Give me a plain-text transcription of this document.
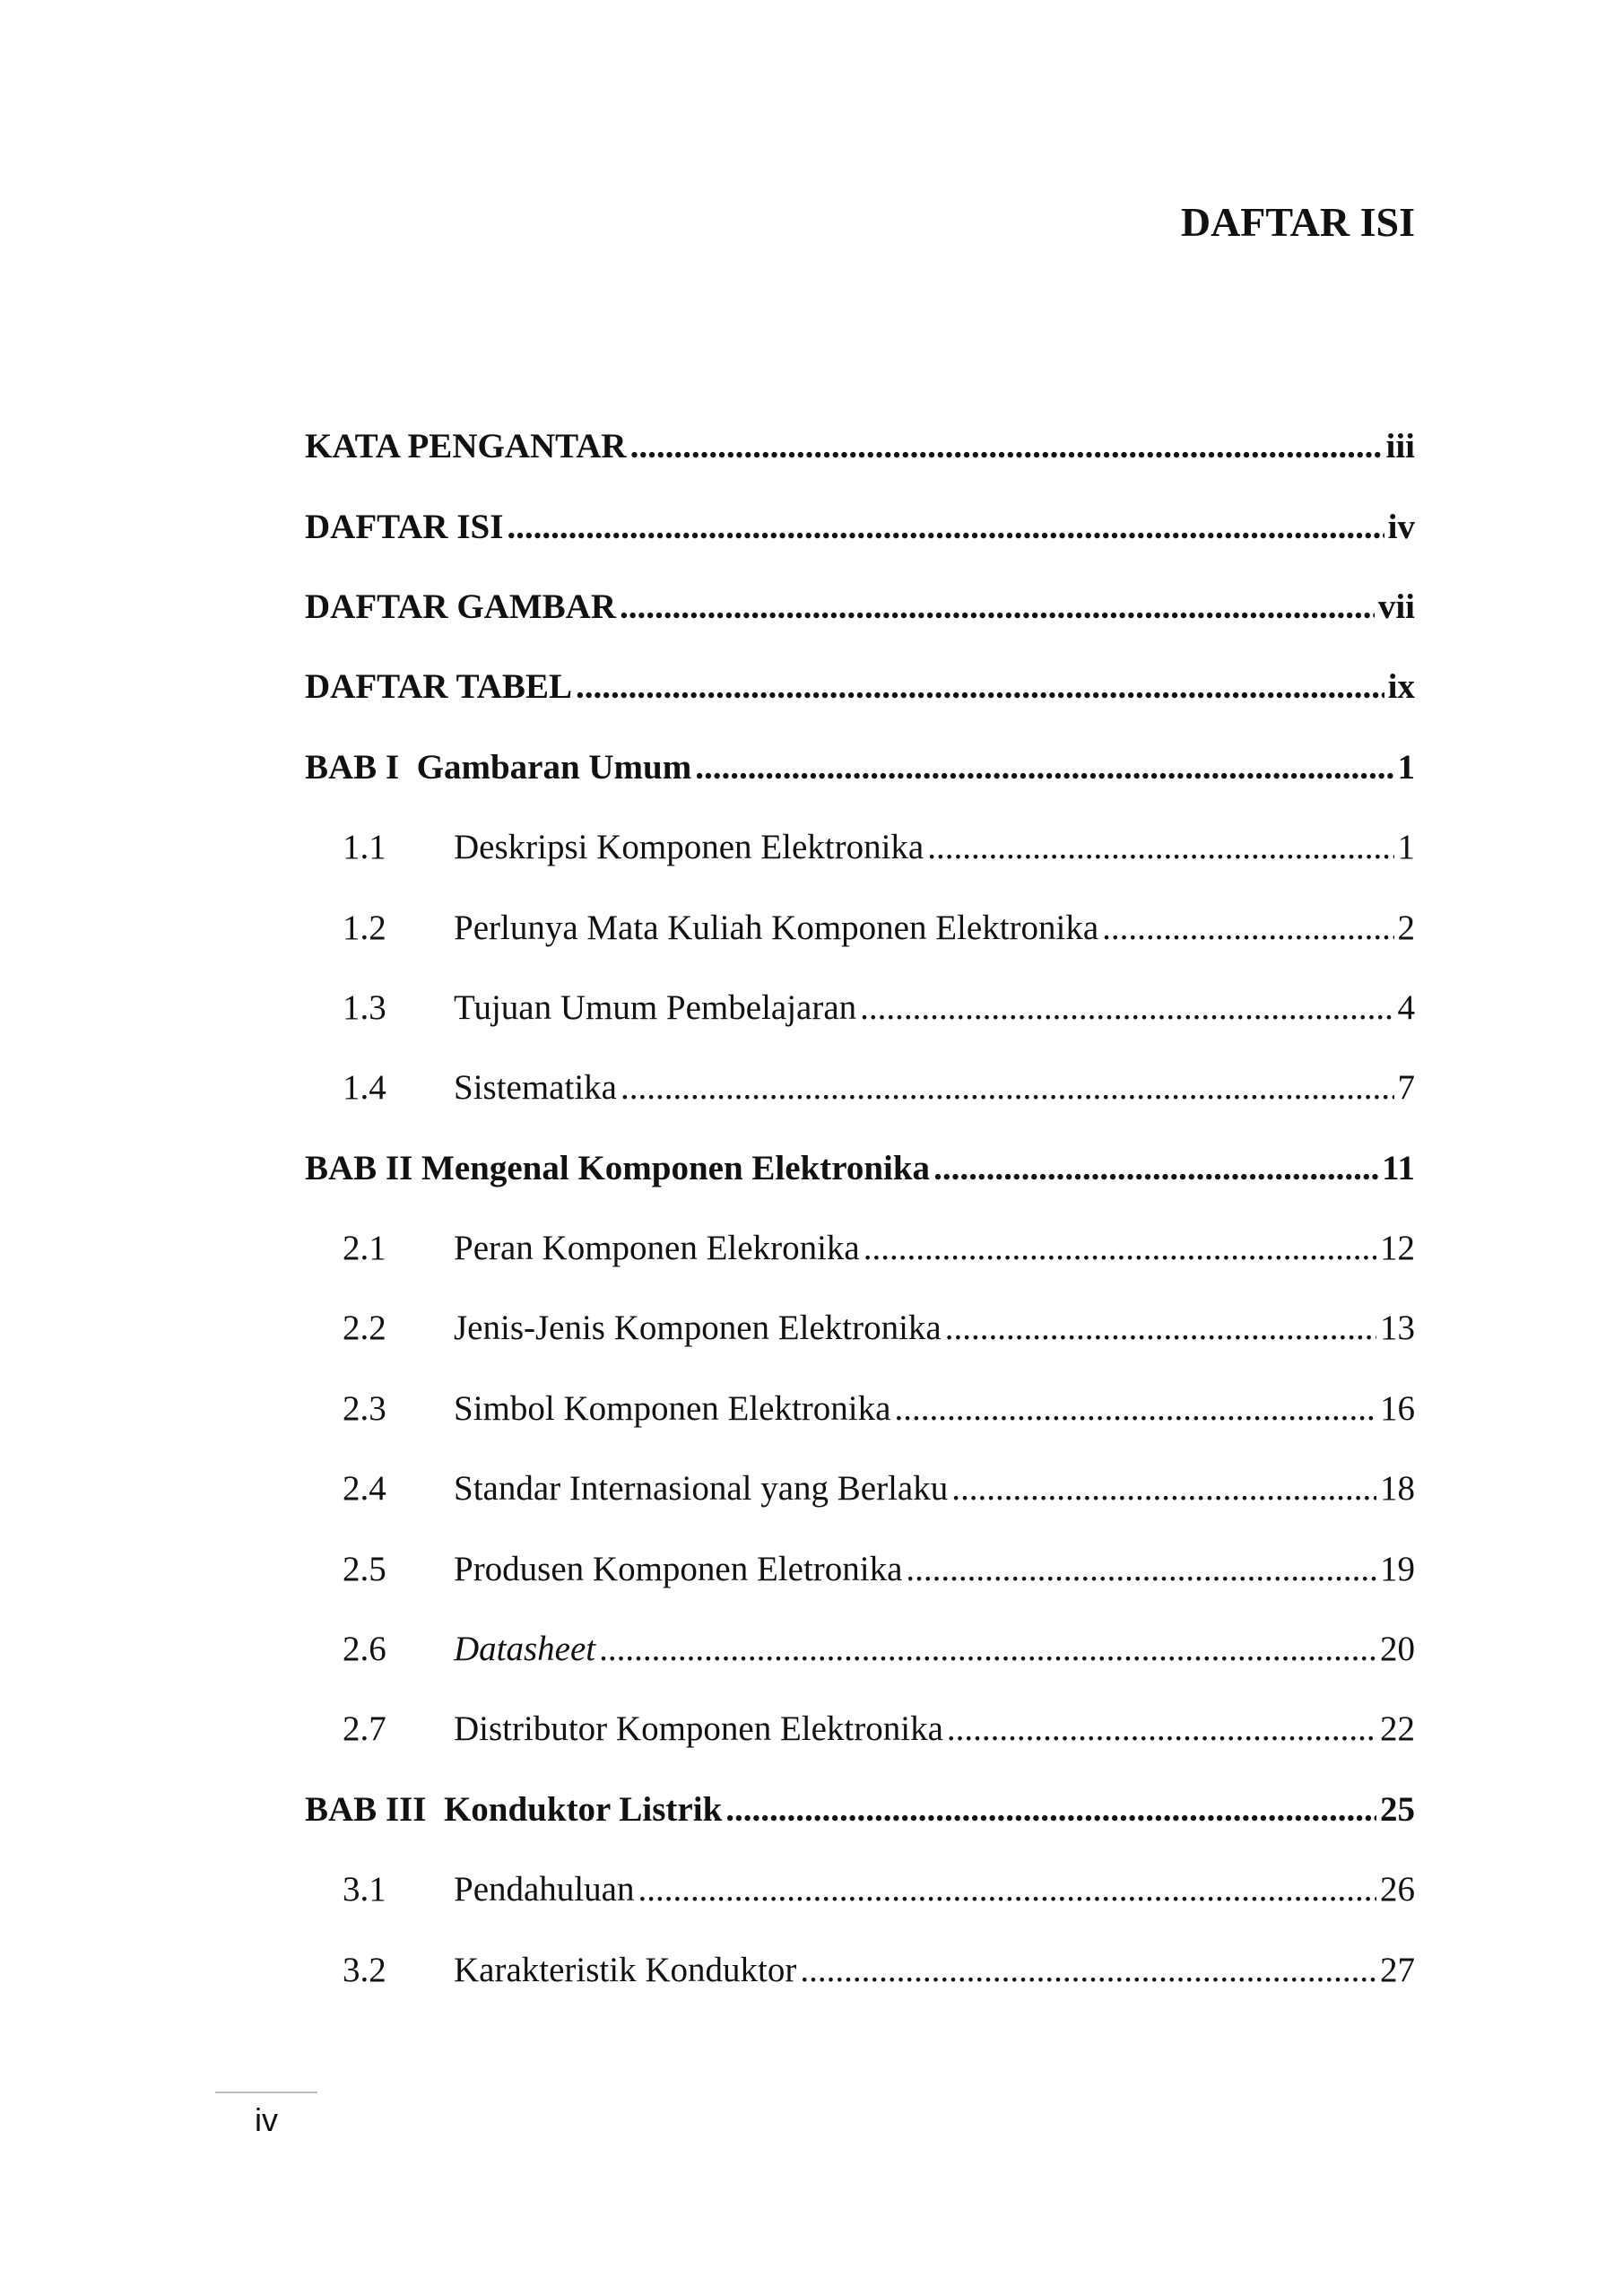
DAFTAR ISI
KATA PENGANTAR .....	iii
DAFTAR ISI .....	iv
DAFTAR GAMBAR .....	vii
DAFTAR TABEL .....	ix
BAB I  Gambaran Umum .....	1
1.1	Deskripsi Komponen Elektronika .....	1
1.2	Perlunya Mata Kuliah Komponen Elektronika .....	2
1.3	Tujuan Umum Pembelajaran .....	4
1.4	Sistematika .....	7
BAB II Mengenal Komponen Elektronika .....	11
2.1	Peran Komponen Elekronika .....	12
2.2	Jenis-Jenis Komponen Elektronika .....	13
2.3	Simbol Komponen Elektronika .....	16
2.4	Standar Internasional yang Berlaku .....	18
2.5	Produsen Komponen Eletronika .....	19
2.6	Datasheet .....	20
2.7	Distributor Komponen Elektronika .....	22
BAB III  Konduktor Listrik .....	25
3.1	Pendahuluan .....	26
3.2	Karakteristik Konduktor .....	27
iv
